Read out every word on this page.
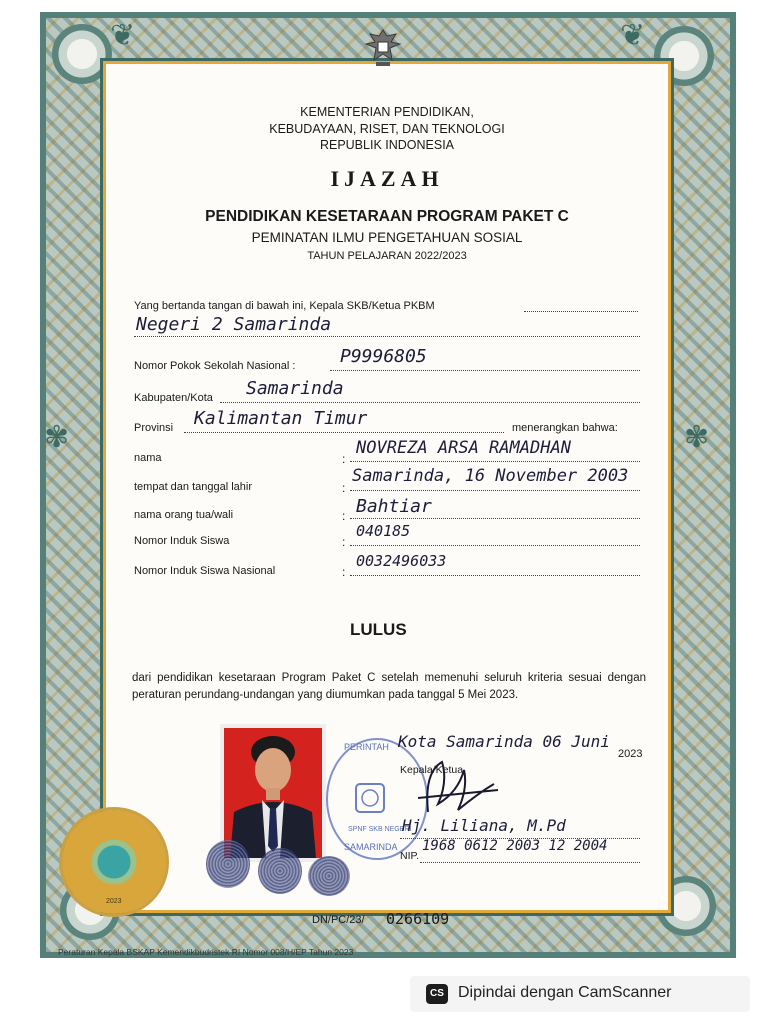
❦	❦
✾	✾
KEMENTERIAN PENDIDIKAN,
KEBUDAYAAN, RISET, DAN TEKNOLOGI
REPUBLIK INDONESIA
IJAZAH
PENDIDIKAN KESETARAAN PROGRAM PAKET C
PEMINATAN ILMU PENGETAHUAN SOSIAL
TAHUN PELAJARAN 2022/2023
Yang bertanda tangan di bawah ini, Kepala SKB/Ketua PKBM
Negeri 2 Samarinda
Nomor Pokok Sekolah Nasional : P9996805
Kabupaten/Kota Samarinda
Provinsi Kalimantan Timur	menerangkan bahwa:
nama	:
NOVREZA ARSA RAMADHAN
tempat dan tanggal lahir	:
Samarinda, 16 November 2003
nama orang tua/wali	: Bahtiar
Nomor Induk Siswa	:
040185
Nomor Induk Siswa Nasional	:
0032496033
LULUS
dari pendidikan kesetaraan Program Paket C setelah memenuhi seluruh kriteria sesuai dengan peraturan perundang-undangan yang diumumkan pada tanggal 5 Mei 2023.
PERINTAH
SPNF SKB NEGERI
SAMARINDA
Kota Samarinda 06 Juni
2023
Kepala/Ketua,
Hj. Liliana, M.Pd
NIP.
1968 0612 2003 12 2004
2023
DN/PC/23/ 0266109
Peraturan Kepala BSKAP Kemendikbudristek RI Nomor 008/H/EP Tahun 2023
CS Dipindai dengan CamScanner
